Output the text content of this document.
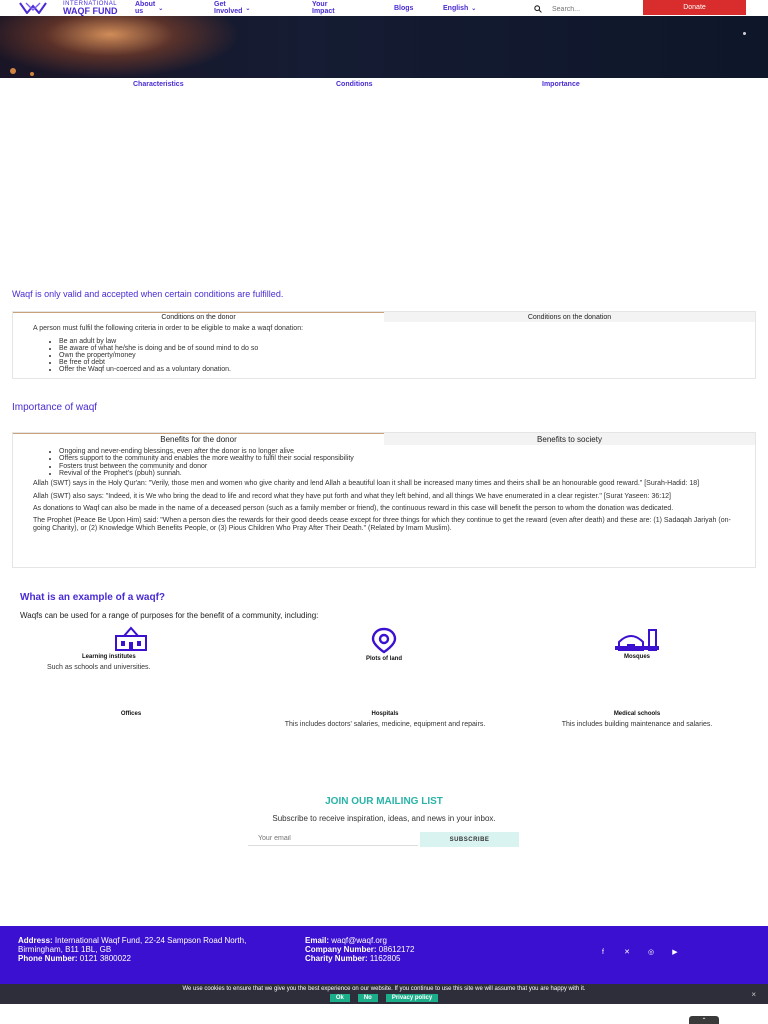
INTERNATIONAL
WAQF FUND
About us	⌄
Get Involved ⌄
Your Impact	Blogs	English ⌄
Search...	Donate
Characteristics	Conditions	Importance
Waqf is only valid and accepted when certain conditions are fulfilled.
Conditions on the donor	Conditions on the donation
A person must fulfil the following criteria in order to be eligible to make a waqf donation:
• Be an adult by law
• Be aware of what he/she is doing and be of sound mind to do so
• Own the property/money
• Be free of debt
• Offer the Waqf un-coerced and as a voluntary donation.
Importance of waqf
Benefits for the donor	Benefits to society
• Ongoing and never-ending blessings, even after the donor is no longer alive
• Offers support to the community and enables the more wealthy to fulfil their social responsibility
• Fosters trust between the community and donor
• Revival of the Prophet's (pbuh) sunnah.

Allah (SWT) says in the Holy Qur'an: "Verily, those men and women who give charity and lend Allah a beautiful loan it shall be increased many times and theirs shall be an honourable good reward." [Surah-Hadid: 18]

Allah (SWT) also says: "Indeed, it is We who bring the dead to life and record what they have put forth and what they left behind, and all things We have enumerated in a clear register." [Surat Yaseen: 36:12]

As donations to Waqf can also be made in the name of a deceased person (such as a family member or friend), the continuous reward in this case will benefit the person to whom the donation was dedicated.

The Prophet (Peace Be Upon Him) said: "When a person dies the rewards for their good deeds cease except for three things for which they continue to get the reward (even after death) and these are: (1) Sadaqah Jariyah (on-going Charity), or (2) Knowledge Which Benefits People, or (3) Pious Children Who Pray After Their Death." (Related by Imam Muslim).

What is an example of a waqf?
Waqfs can be used for a range of purposes for the benefit of a community, including:
Learning institutes
Such as schools and universities.
Plots of land	Mosques
Offices	Hospitals
This includes doctors' salaries, medicine, equipment and repairs.
Medical schools
This includes building maintenance and salaries.
JOIN OUR MAILING LIST
Subscribe to receive inspiration, ideas, and news in your inbox.
Your email
SUBSCRIBE
Address: International Waqf Fund, 22-24 Sampson Road North, Birmingham, B11 1BL, GB
Phone Number: 0121 3800022
Email: waqf@waqf.org
Company Number: 08612172
Charity Number: 1162805
f	✕	◎	▶
We use cookies to ensure that we give you the best experience on our website. If you continue to use this site we will assume that you are happy with it.
Ok	No	Privacy policy	×
⌃
